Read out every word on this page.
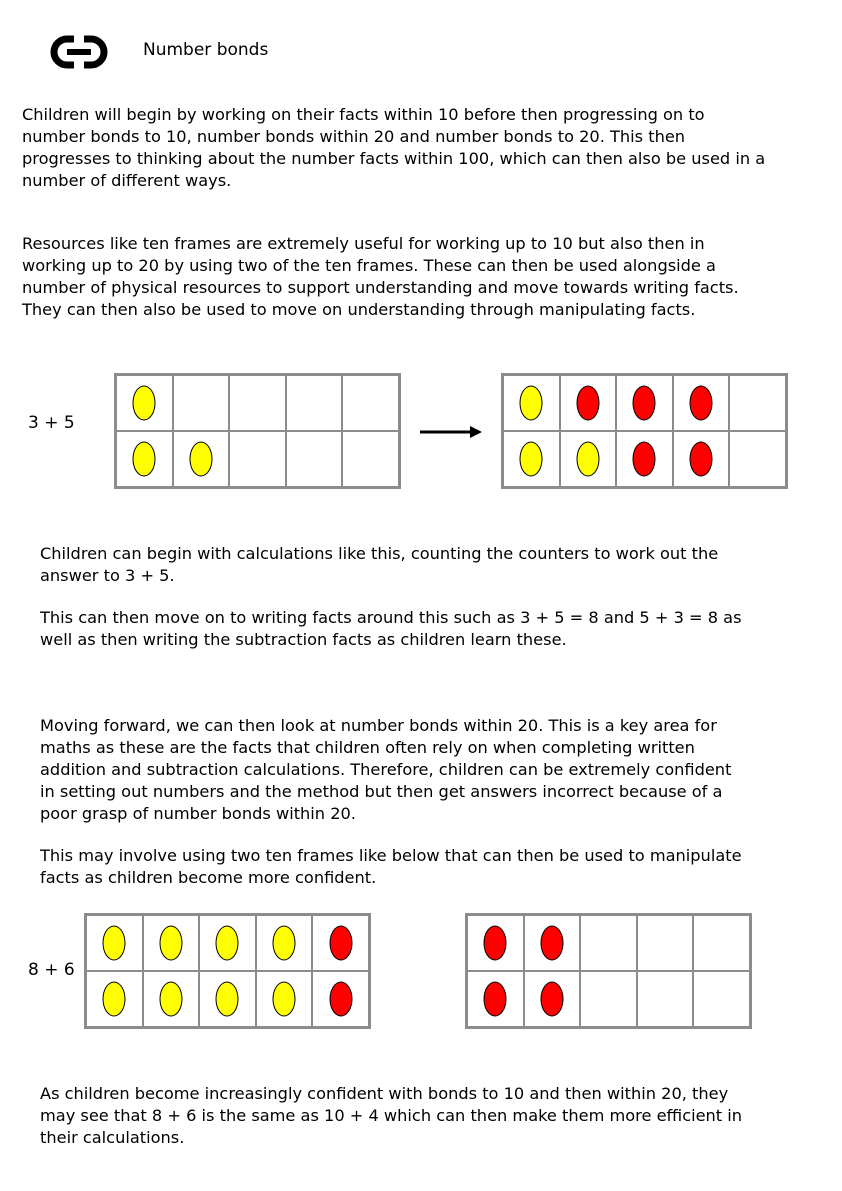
Number bonds

Children will begin by working on their facts within 10 before then progressing on to
number bonds to 10, number bonds within 20 and number bonds to 20. This then
progresses to thinking about the number facts within 100, which can then also be used in a
number of different ways.

Resources like ten frames are extremely useful for working up to 10 but also then in
working up to 20 by using two of the ten frames. These can then be used alongside a
number of physical resources to support understanding and move towards writing facts.
They can then also be used to move on understanding through manipulating facts.

3 + 5

Children can begin with calculations like this, counting the counters to work out the
answer to 3 + 5.

This can then move on to writing facts around this such as 3 + 5 = 8 and 5 + 3 = 8 as
well as then writing the subtraction facts as children learn these.

Moving forward, we can then look at number bonds within 20. This is a key area for
maths as these are the facts that children often rely on when completing written
addition and subtraction calculations. Therefore, children can be extremely confident
in setting out numbers and the method but then get answers incorrect because of a
poor grasp of number bonds within 20.

This may involve using two ten frames like below that can then be used to manipulate
facts as children become more confident.

8 + 6

As children become increasingly confident with bonds to 10 and then within 20, they
may see that 8 + 6 is the same as 10 + 4 which can then make them more efficient in
their calculations.
